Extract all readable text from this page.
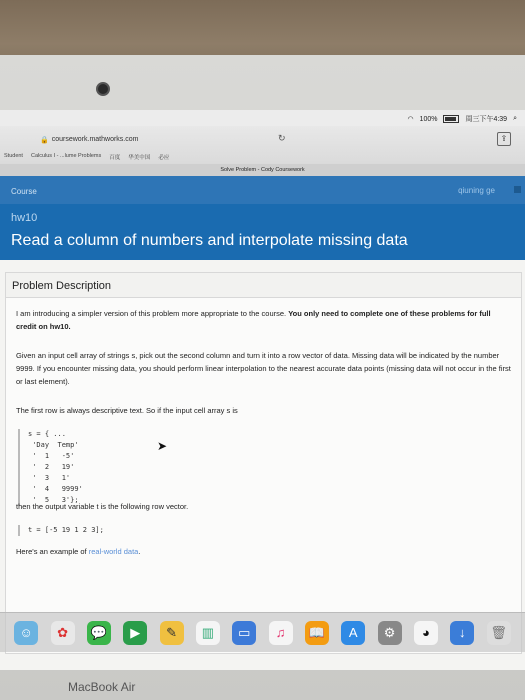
◠ 100%	周三下午4:39 ⌕
🔒 coursework.mathworks.com	↻	⇪
Student Calculus I - ...lume Problems 百度 华美中国 必应
Solve Problem - Cody Coursework
Course	qiuning ge
hw10
Read a column of numbers and interpolate missing data
Problem Description
I am introducing a simpler version of this problem more appropriate to the course. You only need to complete one of these problems for full credit on hw10.
Given an input cell array of strings s, pick out the second column and turn it into a row vector of data. Missing data will be indicated by the number 9999. If you encounter missing data, you should perform linear interpolation to the nearest accurate data points (missing data will not occur in the first or last element).
The first row is always descriptive text. So if the input cell array s is
s = { ...
'Day  Temp'
'  1   -5'
'  2   19'
'  3   1'
'  4   9999'
'  5   3'};
then the output variable t is the following row vector.
t = [-5 19 1 2 3];
Here's an example of real-world data.
➤
☺	✿	💬	▶	✎	▥	▭	♫	📖	A	⚙	◕	↓	🗑
MacBook Air
